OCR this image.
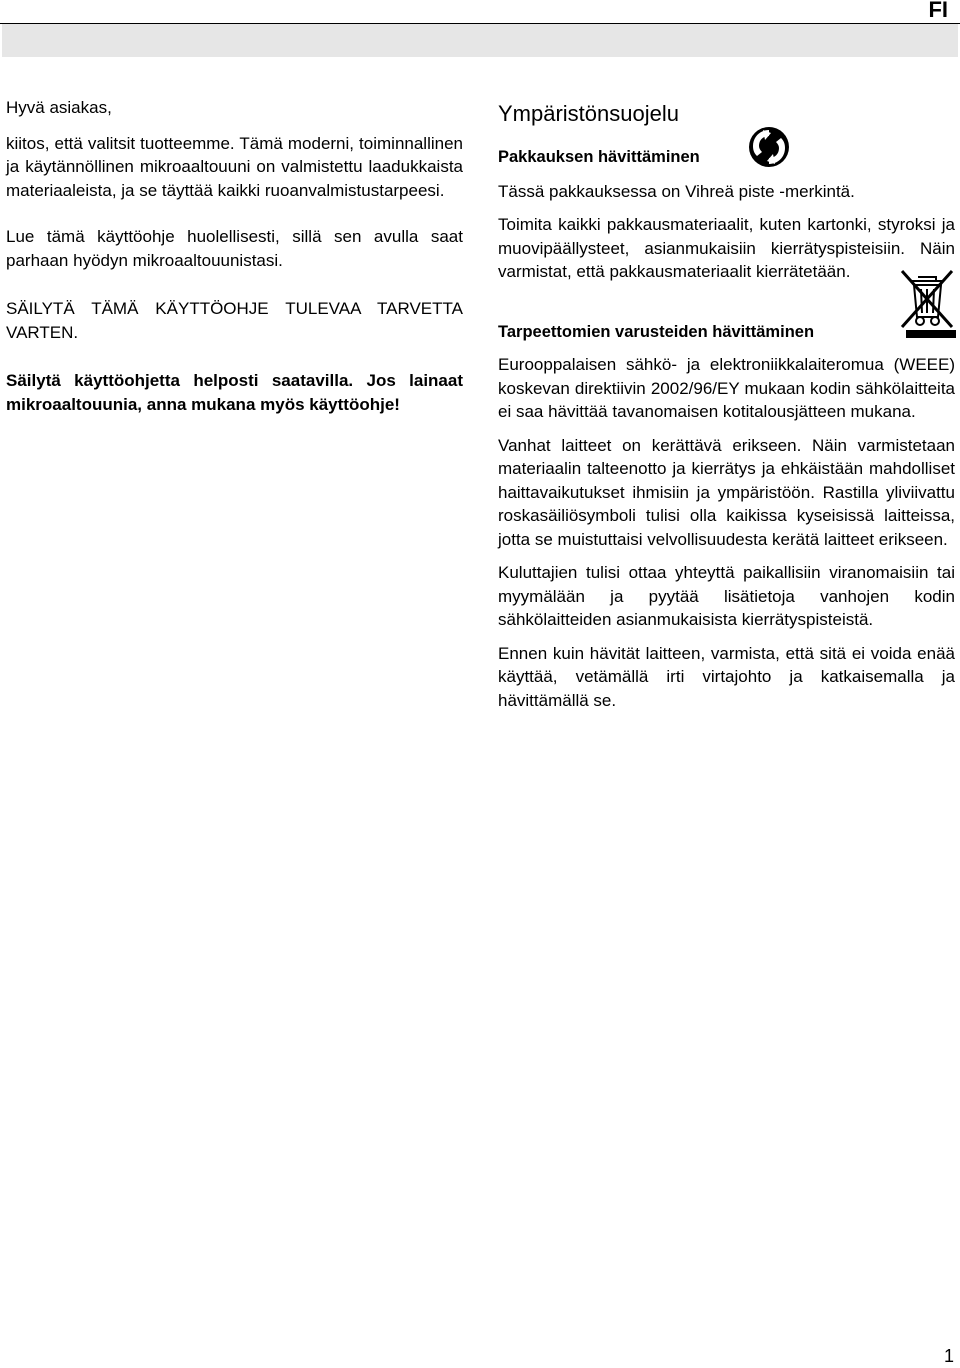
FI

Hyvä asiakas,

kiitos, että valitsit tuotteemme. Tämä moderni, toiminnallinen ja käytännöllinen mikroaaltouuni on valmistettu laadukkaista materiaaleista, ja se täyttää kaikki ruoanvalmistustarpeesi.

Lue tämä käyttöohje huolellisesti, sillä sen avulla saat parhaan hyödyn mikroaaltouunistasi.

SÄILYTÄ TÄMÄ KÄYTTÖOHJE TULEVAA TARVETTA VARTEN.

Säilytä käyttöohjetta helposti saatavilla. Jos lainaat mikroaaltouunia, anna mukana myös käyttöohje!

Ympäristönsuojelu

Pakkauksen hävittäminen

Tässä pakkauksessa on Vihreä piste -merkintä.

Toimita kaikki pakkausmateriaalit, kuten kartonki, styroksi ja muovipäällysteet, asianmukaisiin kierrätyspisteisiin. Näin varmistat, että pakkausmateriaalit kierrätetään.

Tarpeettomien varusteiden hävittäminen

Eurooppalaisen sähkö- ja elektroniikkalaiteromua (WEEE) koskevan direktiivin 2002/96/EY mukaan kodin sähkölaitteita ei saa hävittää tavanomaisen kotitalousjätteen mukana.

Vanhat laitteet on kerättävä erikseen. Näin varmistetaan materiaalin talteenotto ja kierrätys ja ehkäistään mahdolliset haittavaikutukset ihmisiin ja ympäristöön. Rastilla yliviivattu roskasäiliösymboli tulisi olla kaikissa kyseisissä laitteissa, jotta se muistuttaisi velvollisuudesta kerätä laitteet erikseen.

Kuluttajien tulisi ottaa yhteyttä paikallisiin viranomaisiin tai myymälään ja pyytää lisätietoja vanhojen kodin sähkölaitteiden asianmukaisista kierrätyspisteistä.

Ennen kuin hävität laitteen, varmista, että sitä ei voida enää käyttää, vetämällä irti virtajohto ja katkaisemalla ja hävittämällä se.

1
